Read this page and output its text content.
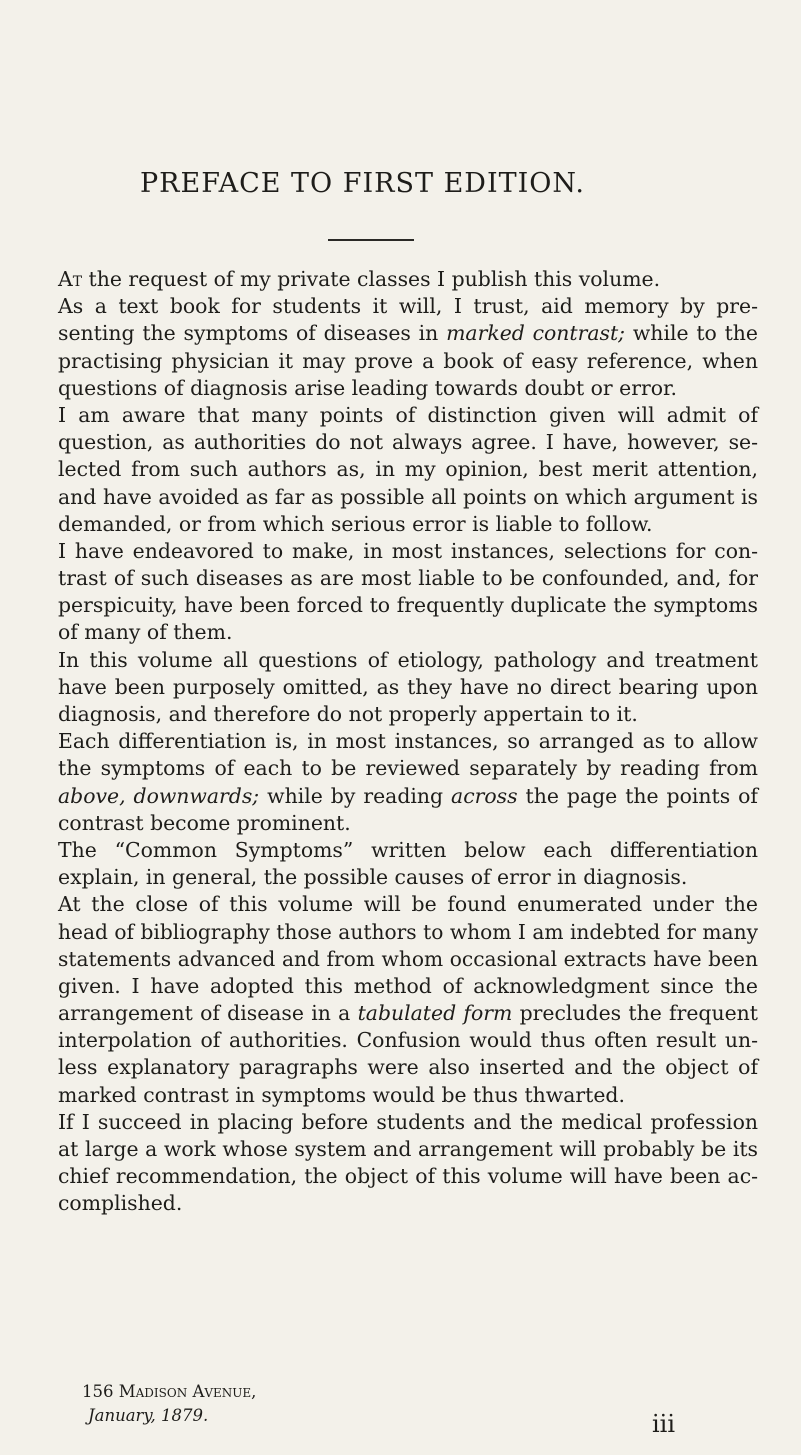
PREFACE TO FIRST EDITION.
At the request of my private classes I publish this volume.
As a text book for students it will, I trust, aid memory by pre-
senting the symptoms of diseases in marked contrast; while to the
practising physician it may prove a book of easy reference, when
questions of diagnosis arise leading towards doubt or error.
I am aware that many points of distinction given will admit of
question, as authorities do not always agree. I have, however, se-
lected from such authors as, in my opinion, best merit attention,
and have avoided as far as possible all points on which argument is
demanded, or from which serious error is liable to follow.
I have endeavored to make, in most instances, selections for con-
trast of such diseases as are most liable to be confounded, and, for
perspicuity, have been forced to frequently duplicate the symptoms
of many of them.
In this volume all questions of etiology, pathology and treatment
have been purposely omitted, as they have no direct bearing upon
diagnosis, and therefore do not properly appertain to it.
Each differentiation is, in most instances, so arranged as to allow
the symptoms of each to be reviewed separately by reading from
above, downwards; while by reading across the page the points of
contrast become prominent.
The “Common Symptoms” written below each differentiation
explain, in general, the possible causes of error in diagnosis.
At the close of this volume will be found enumerated under the
head of bibliography those authors to whom I am indebted for many
statements advanced and from whom occasional extracts have been
given. I have adopted this method of acknowledgment since the
arrangement of disease in a tabulated form precludes the frequent
interpolation of authorities. Confusion would thus often result un-
less explanatory paragraphs were also inserted and the object of
marked contrast in symptoms would be thus thwarted.
If I succeed in placing before students and the medical profession
at large a work whose system and arrangement will probably be its
chief recommendation, the object of this volume will have been ac-
complished.
156 Madison Avenue,
January, 1879.	iii
